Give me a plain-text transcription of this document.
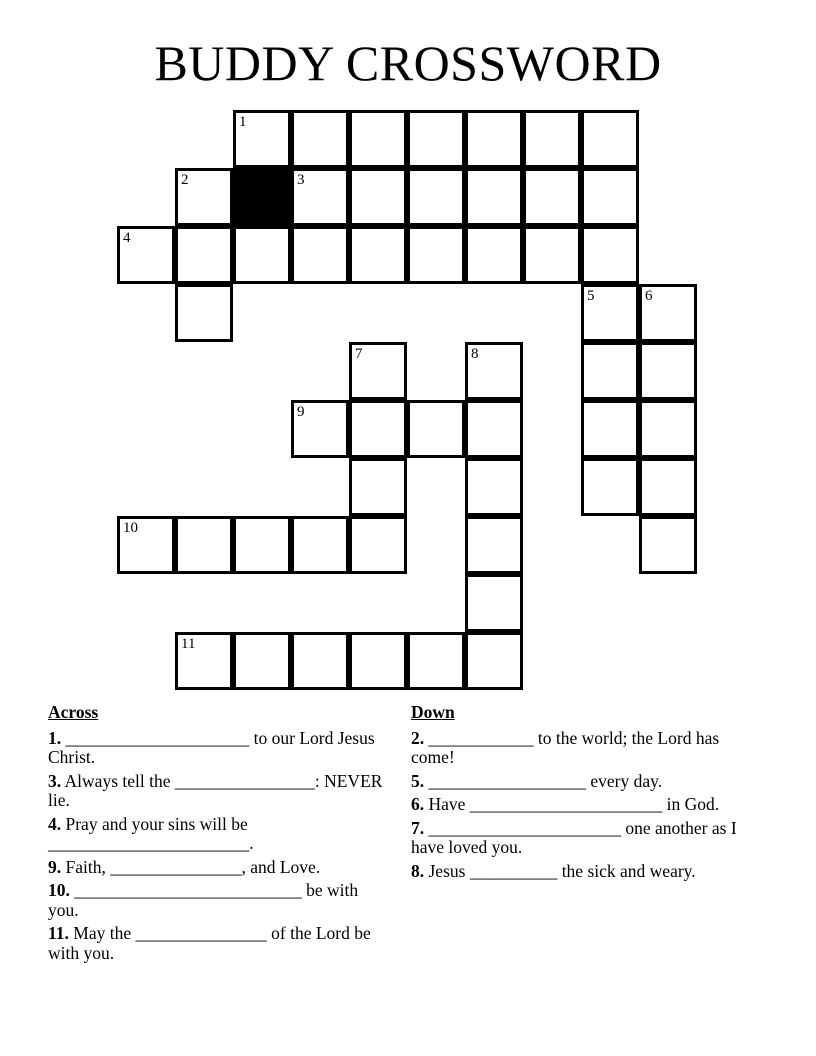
BUDDY CROSSWORD
1
2	3
4
5	6
7	8
9
10
11
Across
1. _____________________ to our Lord Jesus Christ.
3. Always tell the ________________: NEVER lie.
4. Pray and your sins will be _______________________.
9. Faith, _______________, and Love.
10. __________________________ be with you.
11. May the _______________ of the Lord be with you.
Down
2. ____________ to the world; the Lord has come!
5. __________________ every day.
6. Have ______________________ in God.
7. ______________________ one another as I have loved you.
8. Jesus __________ the sick and weary.
